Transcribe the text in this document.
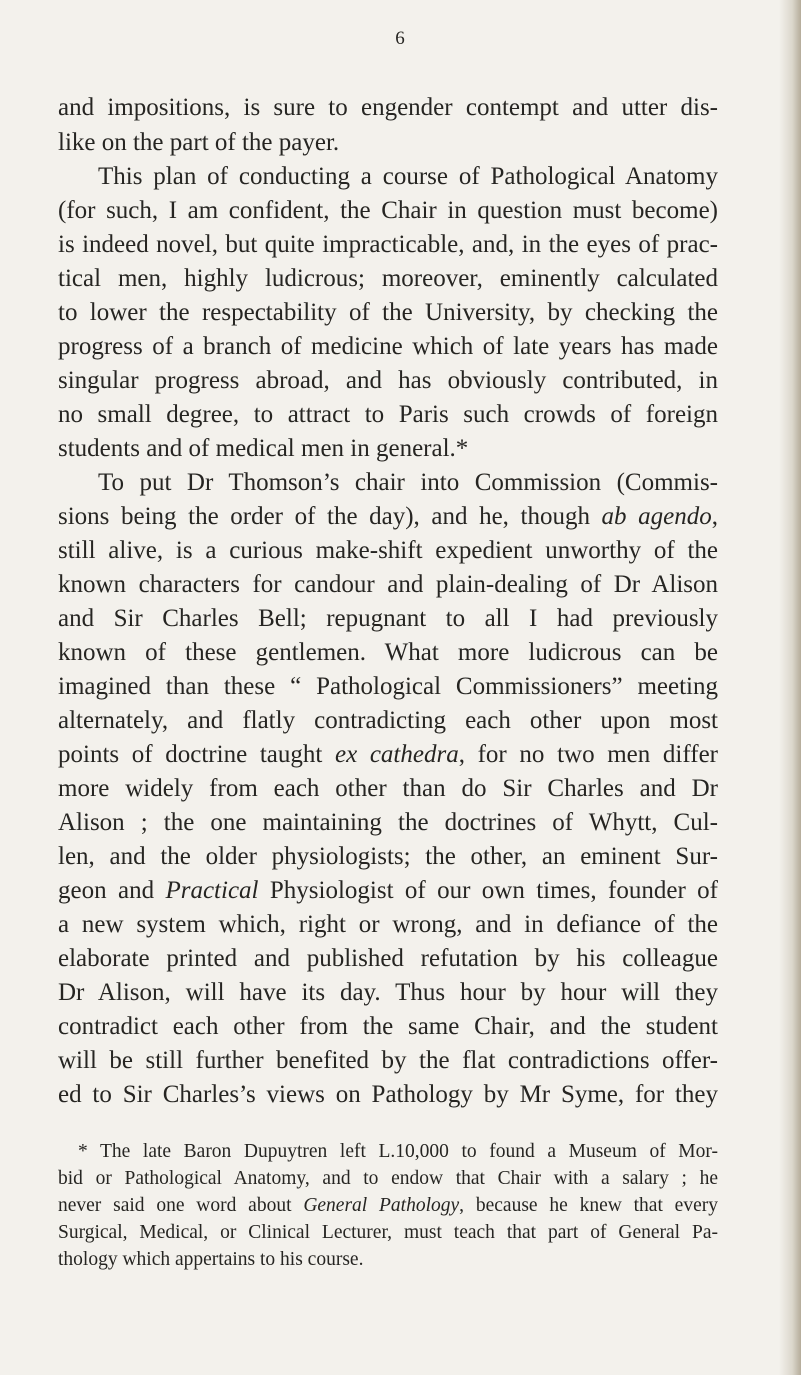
6
and impositions, is sure to engender contempt and utter dis-
like on the part of the payer.
This plan of conducting a course of Pathological Anatomy
(for such, I am confident, the Chair in question must become)
is indeed novel, but quite impracticable, and, in the eyes of prac-
tical men, highly ludicrous; moreover, eminently calculated
to lower the respectability of the University, by checking the
progress of a branch of medicine which of late years has made
singular progress abroad, and has obviously contributed, in
no small degree, to attract to Paris such crowds of foreign
students and of medical men in general.*
To put Dr Thomson’s chair into Commission (Commis-
sions being the order of the day), and he, though ab agendo,
still alive, is a curious make-shift expedient unworthy of the
known characters for candour and plain-dealing of Dr Alison
and Sir Charles Bell; repugnant to all I had previously
known of these gentlemen. What more ludicrous can be
imagined than these “ Pathological Commissioners” meeting
alternately, and flatly contradicting each other upon most
points of doctrine taught ex cathedra, for no two men differ
more widely from each other than do Sir Charles and Dr
Alison ; the one maintaining the doctrines of Whytt, Cul-
len, and the older physiologists; the other, an eminent Sur-
geon and Practical Physiologist of our own times, founder of
a new system which, right or wrong, and in defiance of the
elaborate printed and published refutation by his colleague
Dr Alison, will have its day. Thus hour by hour will they
contradict each other from the same Chair, and the student
will be still further benefited by the flat contradictions offer-
ed to Sir Charles’s views on Pathology by Mr Syme, for they
* The late Baron Dupuytren left L.10,000 to found a Museum of Mor-
bid or Pathological Anatomy, and to endow that Chair with a salary ; he
never said one word about General Pathology, because he knew that every
Surgical, Medical, or Clinical Lecturer, must teach that part of General Pa-
thology which appertains to his course.
